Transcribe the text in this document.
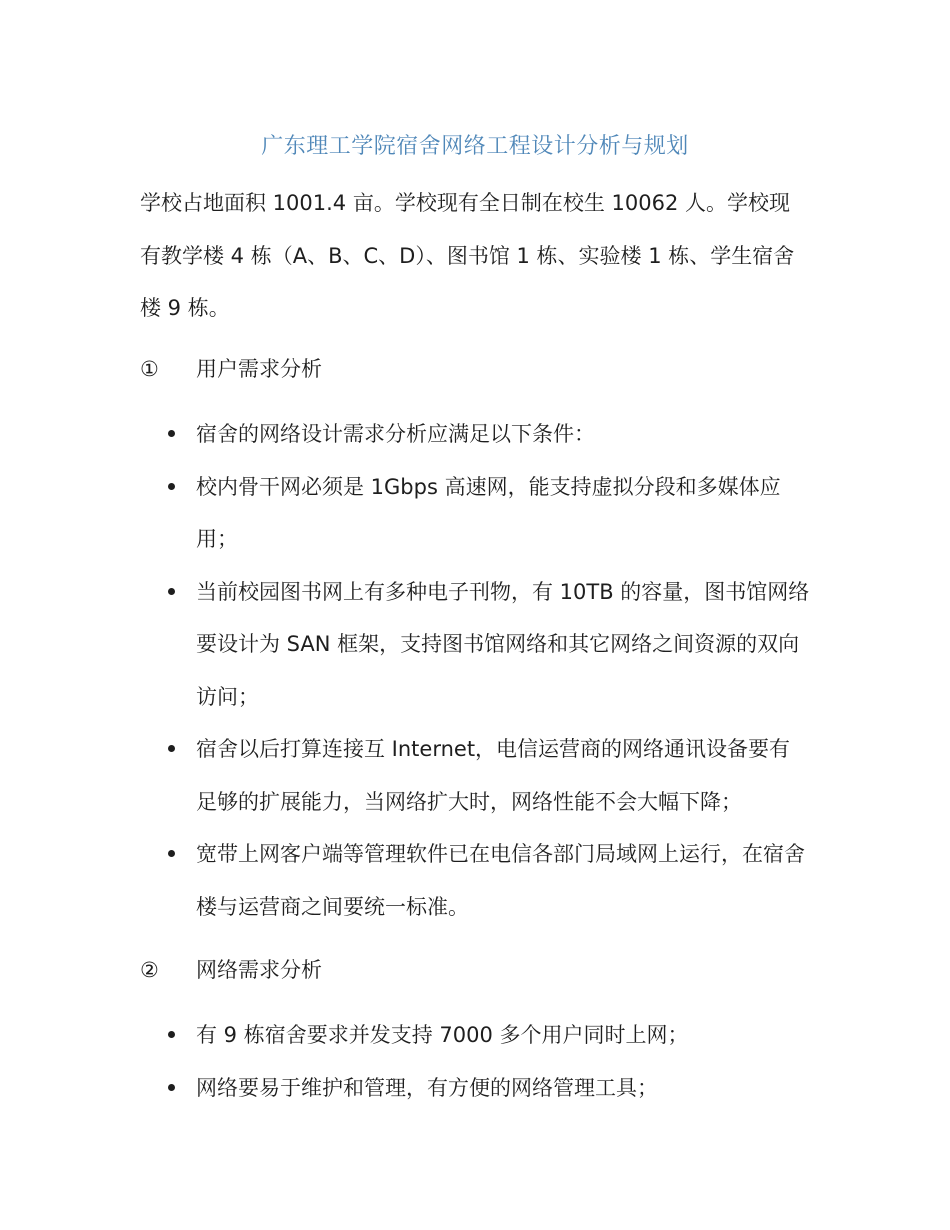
广东理工学院宿舍网络工程设计分析与规划

学校占地面积 1001.4 亩。学校现有全日制在校生 10062 人。学校现有教学楼 4 栋（A、B、C、D）、图书馆 1 栋、实验楼 1 栋、学生宿舍楼 9 栋。

① 用户需求分析
宿舍的网络设计需求分析应满足以下条件：
校内骨干网必须是 1Gbps 高速网，能支持虚拟分段和多媒体应用；
当前校园图书网上有多种电子刊物，有 10TB 的容量，图书馆网络要设计为 SAN 框架，支持图书馆网络和其它网络之间资源的双向访问；
宿舍以后打算连接互 Internet，电信运营商的网络通讯设备要有足够的扩展能力，当网络扩大时，网络性能不会大幅下降；
宽带上网客户端等管理软件已在电信各部门局域网上运行，在宿舍楼与运营商之间要统一标准。
② 网络需求分析
有 9 栋宿舍要求并发支持 7000 多个用户同时上网；
网络要易于维护和管理，有方便的网络管理工具；
